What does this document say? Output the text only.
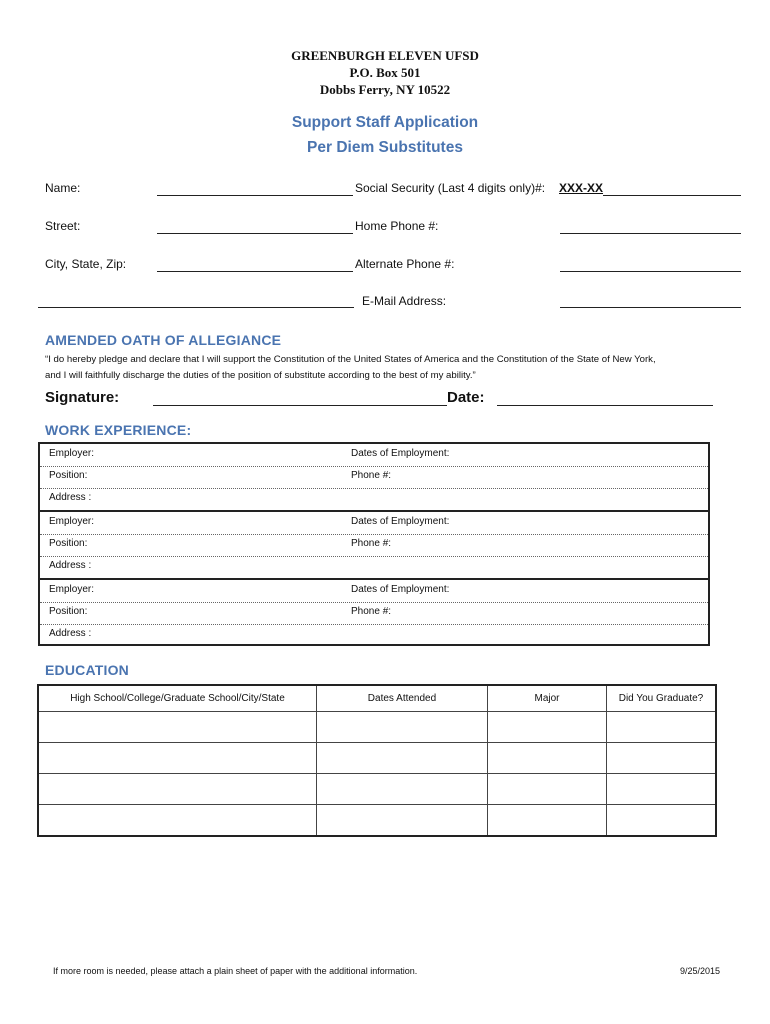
GREENBURGH ELEVEN UFSD
P.O. Box 501
Dobbs Ferry, NY 10522
Support Staff Application
Per Diem Substitutes
Name:	Social Security (Last 4 digits only)#: XXX-XX
Street:	Home Phone #:
City, State, Zip:	Alternate Phone #:
E-Mail Address:
AMENDED OATH OF ALLEGIANCE
“I do hereby pledge and declare that I will support the Constitution of the United States of America and the Constitution of the State of New York,
and I will faithfully discharge the duties of the position of substitute according to the best of my ability.”
Signature:	Date:
WORK EXPERIENCE:
Employer:	Dates of Employment:
Position:	Phone #:
Address :
Employer:	Dates of Employment:
Position:	Phone #:
Address :
Employer:	Dates of Employment:
Position:	Phone #:
Address :
EDUCATION
High School/College/Graduate School/City/State	Dates Attended	Major	Did You Graduate?

If more room is needed, please attach a plain sheet of paper with the additional information.	9/25/2015
